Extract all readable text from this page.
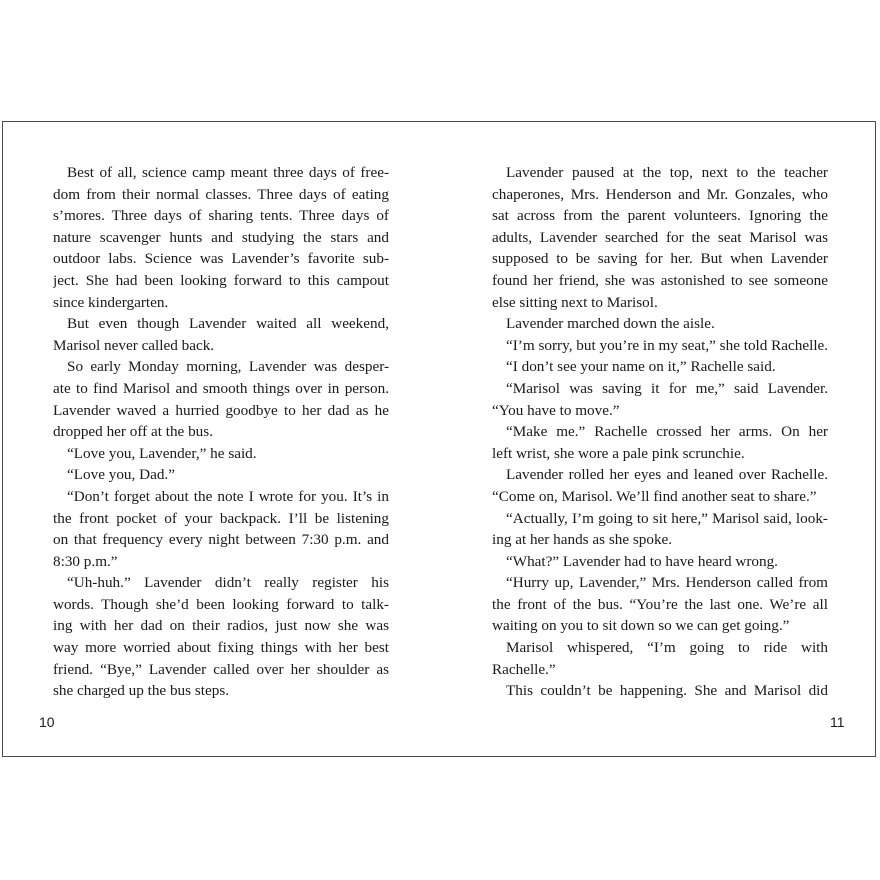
Best of all, science camp meant three days of free-
dom from their normal classes. Three days of eating
s’mores. Three days of sharing tents. Three days of
nature scavenger hunts and studying the stars and
outdoor labs. Science was Lavender’s favorite sub-
ject. She had been looking forward to this campout
since kindergarten.
But even though Lavender waited all weekend,
Marisol never called back.
So early Monday morning, Lavender was desper-
ate to find Marisol and smooth things over in person.
Lavender waved a hurried goodbye to her dad as he
dropped her off at the bus.
“Love you, Lavender,” he said.
“Love you, Dad.”
“Don’t forget about the note I wrote for you. It’s in
the front pocket of your backpack. I’ll be listening
on that frequency every night between 7:30 p.m. and
8:30 p.m.”
“Uh-huh.” Lavender didn’t really register his
words. Though she’d been looking forward to talk-
ing with her dad on their radios, just now she was
way more worried about fixing things with her best
friend. “Bye,” Lavender called over her shoulder as
she charged up the bus steps.
Lavender paused at the top, next to the teacher
chaperones, Mrs. Henderson and Mr. Gonzales, who
sat across from the parent volunteers. Ignoring the
adults, Lavender searched for the seat Marisol was
supposed to be saving for her. But when Lavender
found her friend, she was astonished to see someone
else sitting next to Marisol.
Lavender marched down the aisle.
“I’m sorry, but you’re in my seat,” she told Rachelle.
“I don’t see your name on it,” Rachelle said.
“Marisol was saving it for me,” said Lavender.
“You have to move.”
“Make me.” Rachelle crossed her arms. On her
left wrist, she wore a pale pink scrunchie.
Lavender rolled her eyes and leaned over Rachelle.
“Come on, Marisol. We’ll find another seat to share.”
“Actually, I’m going to sit here,” Marisol said, look-
ing at her hands as she spoke.
“What?” Lavender had to have heard wrong.
“Hurry up, Lavender,” Mrs. Henderson called from
the front of the bus. “You’re the last one. We’re all
waiting on you to sit down so we can get going.”
Marisol whispered, “I’m going to ride with
Rachelle.”
This couldn’t be happening. She and Marisol did
10	11
